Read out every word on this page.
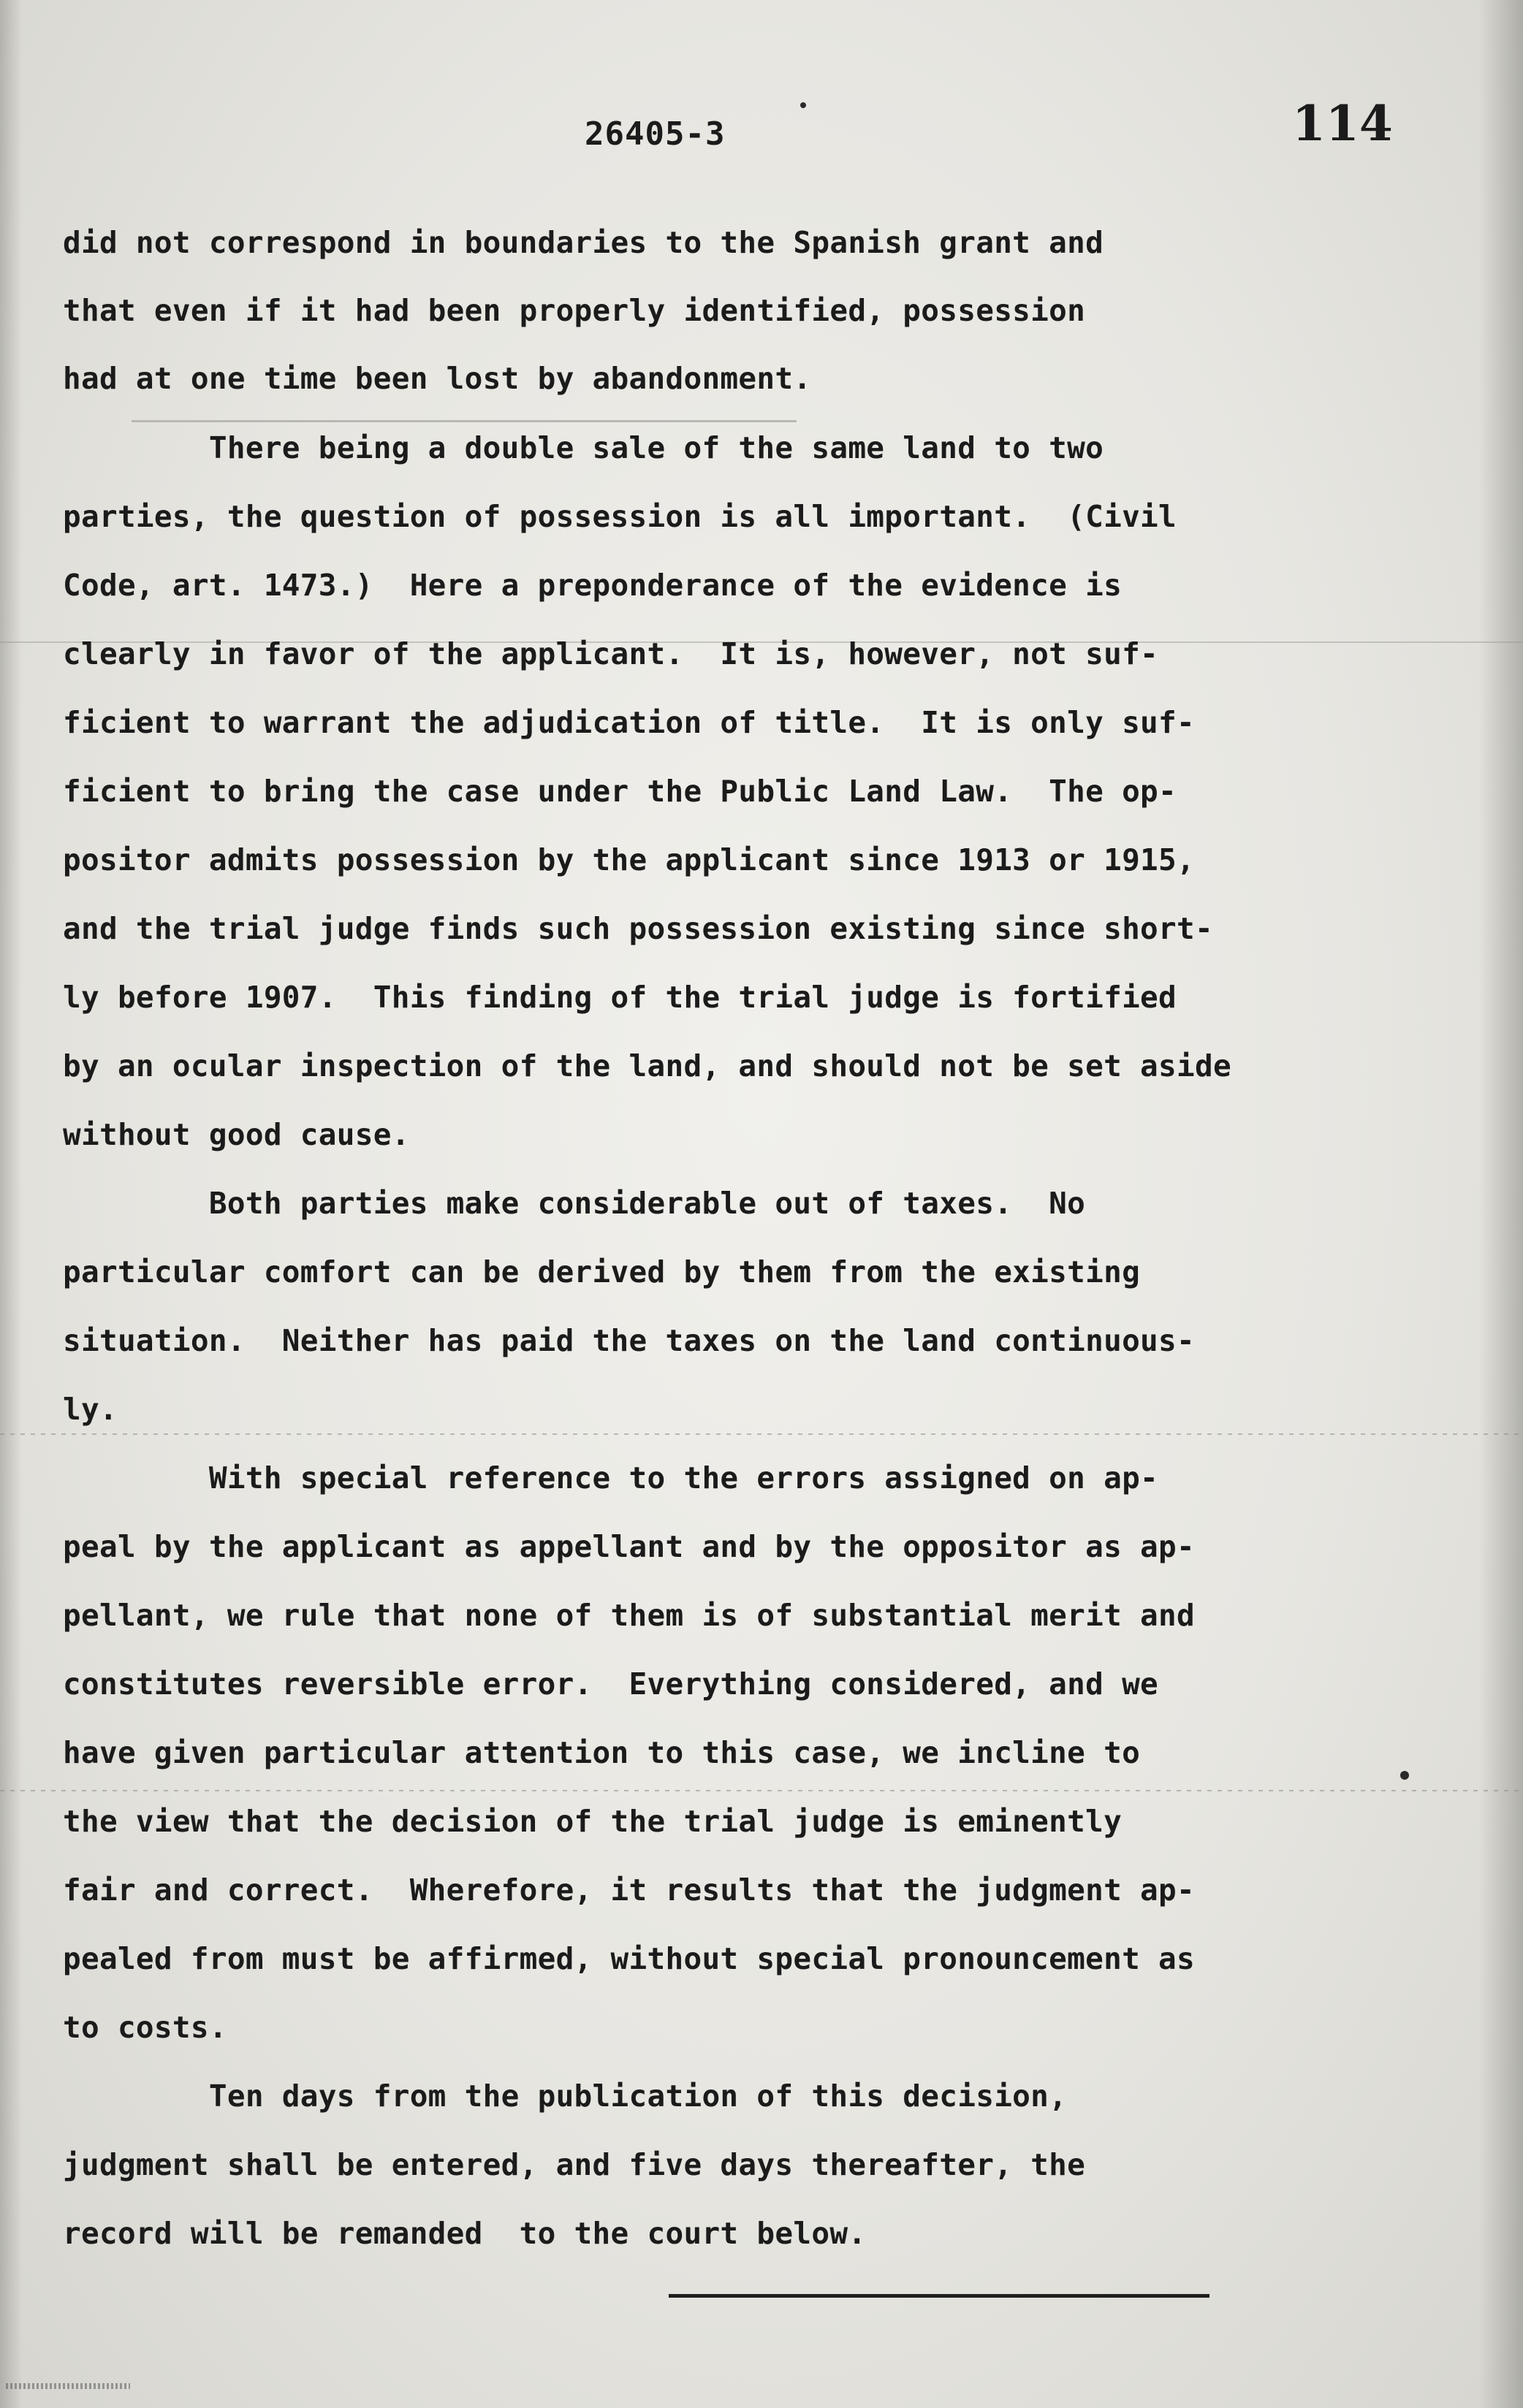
26405-3	114
did not correspond in boundaries to the Spanish grant and
that even if it had been properly identified, possession
had at one time been lost by abandonment.
There being a double sale of the same land to two
parties, the question of possession is all important.  (Civil
Code, art. 1473.)  Here a preponderance of the evidence is
clearly in favor of the applicant.  It is, however, not suf-
ficient to warrant the adjudication of title.  It is only suf-
ficient to bring the case under the Public Land Law.  The op-
positor admits possession by the applicant since 1913 or 1915,
and the trial judge finds such possession existing since short-
ly before 1907.  This finding of the trial judge is fortified
by an ocular inspection of the land, and should not be set aside
without good cause.
Both parties make considerable out of taxes.  No
particular comfort can be derived by them from the existing
situation.  Neither has paid the taxes on the land continuous-
ly.
With special reference to the errors assigned on ap-
peal by the applicant as appellant and by the oppositor as ap-
pellant, we rule that none of them is of substantial merit and
constitutes reversible error.  Everything considered, and we
have given particular attention to this case, we incline to
the view that the decision of the trial judge is eminently
fair and correct.  Wherefore, it results that the judgment ap-
pealed from must be affirmed, without special pronouncement as
to costs.
Ten days from the publication of this decision,
judgment shall be entered, and five days thereafter, the
record will be remanded  to the court below.
